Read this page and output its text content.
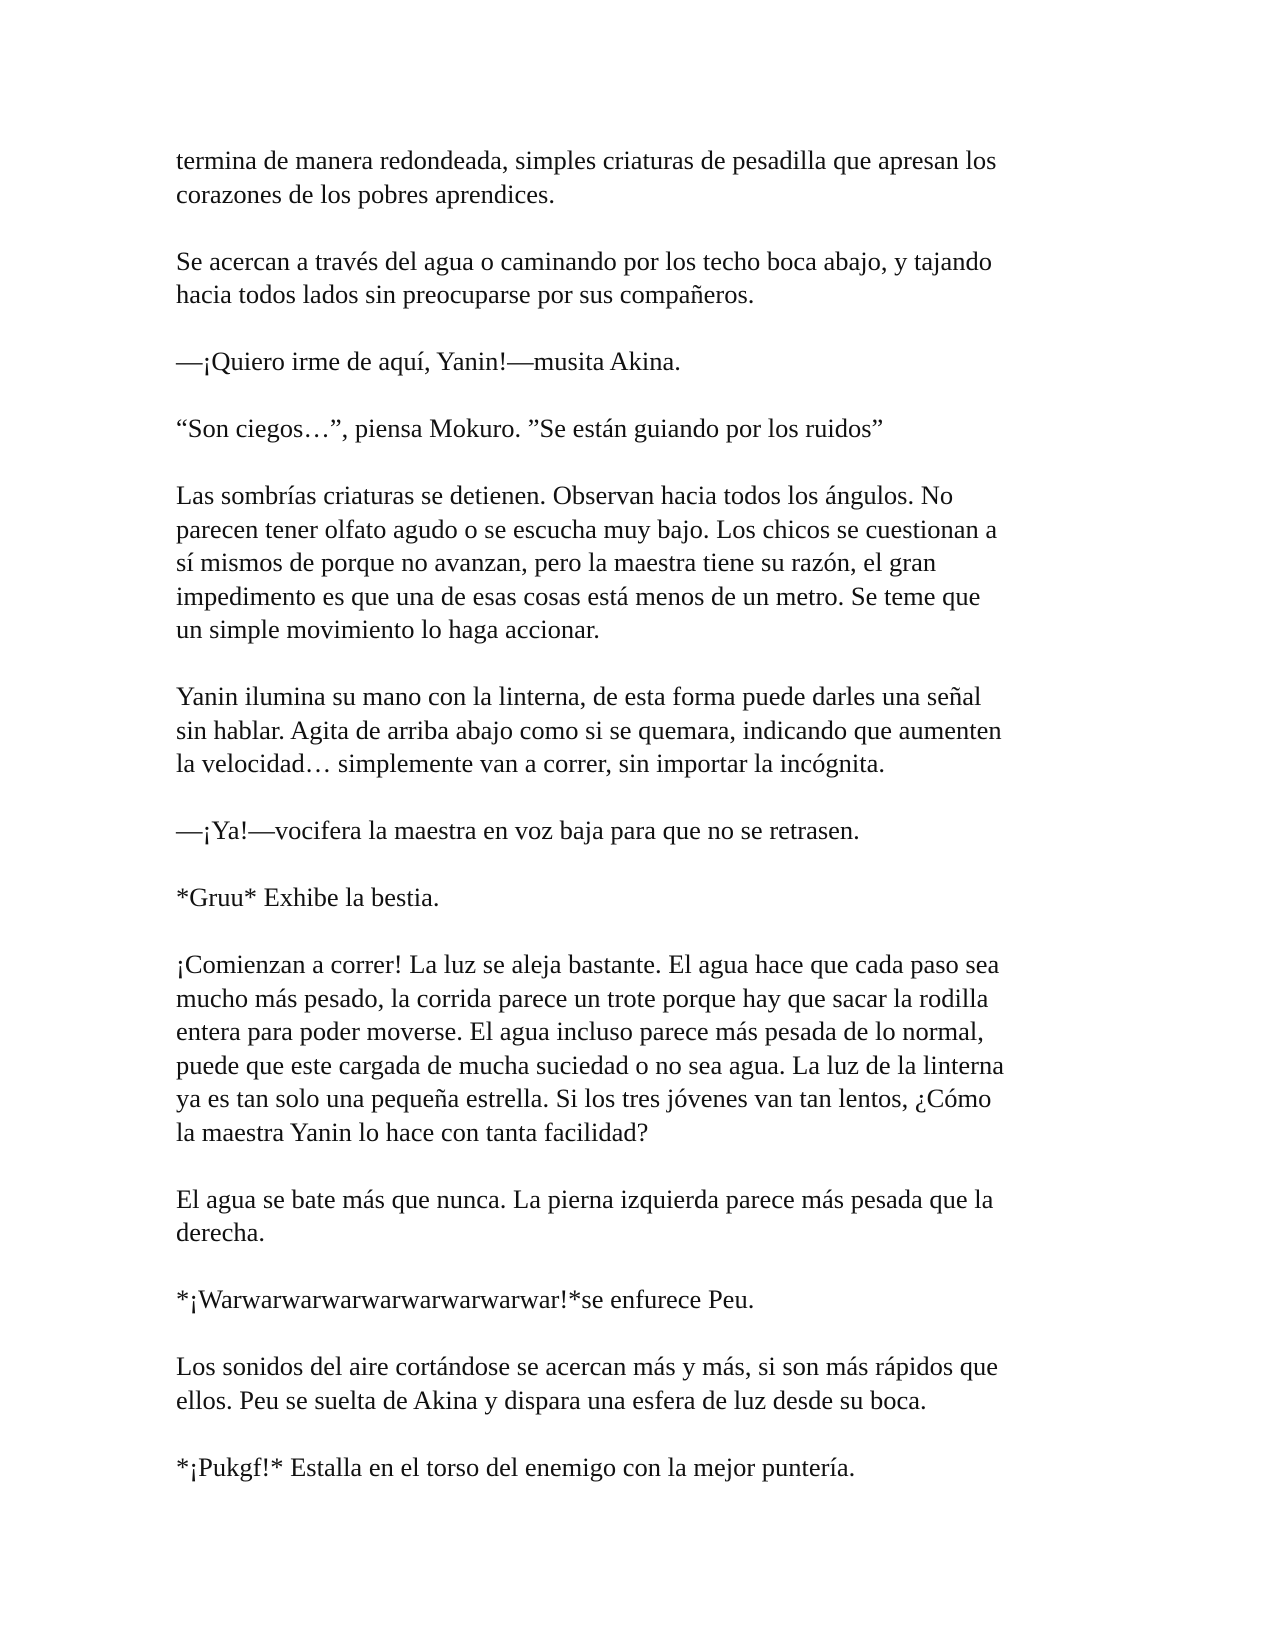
termina de manera redondeada, simples criaturas de pesadilla que apresan los
corazones de los pobres aprendices.

Se acercan a través del agua o caminando por los techo boca abajo, y tajando
hacia todos lados sin preocuparse por sus compañeros.

—¡Quiero irme de aquí, Yanin!—musita Akina.

“Son ciegos…”, piensa Mokuro. ”Se están guiando por los ruidos”

Las sombrías criaturas se detienen. Observan hacia todos los ángulos. No
parecen tener olfato agudo o se escucha muy bajo. Los chicos se cuestionan a
sí mismos de porque no avanzan, pero la maestra tiene su razón, el gran
impedimento es que una de esas cosas está menos de un metro. Se teme que
un simple movimiento lo haga accionar.

Yanin ilumina su mano con la linterna, de esta forma puede darles una señal
sin hablar. Agita de arriba abajo como si se quemara, indicando que aumenten
la velocidad… simplemente van a correr, sin importar la incógnita.

—¡Ya!—vocifera la maestra en voz baja para que no se retrasen.

*Gruu* Exhibe la bestia.

¡Comienzan a correr! La luz se aleja bastante. El agua hace que cada paso sea
mucho más pesado, la corrida parece un trote porque hay que sacar la rodilla
entera para poder moverse. El agua incluso parece más pesada de lo normal,
puede que este cargada de mucha suciedad o no sea agua. La luz de la linterna
ya es tan solo una pequeña estrella. Si los tres jóvenes van tan lentos, ¿Cómo
la maestra Yanin lo hace con tanta facilidad?

El agua se bate más que nunca. La pierna izquierda parece más pesada que la
derecha.

*¡Warwarwarwarwarwarwarwarwar!*se enfurece Peu.

Los sonidos del aire cortándose se acercan más y más, si son más rápidos que
ellos. Peu se suelta de Akina y dispara una esfera de luz desde su boca.

*¡Pukgf!* Estalla en el torso del enemigo con la mejor puntería.
